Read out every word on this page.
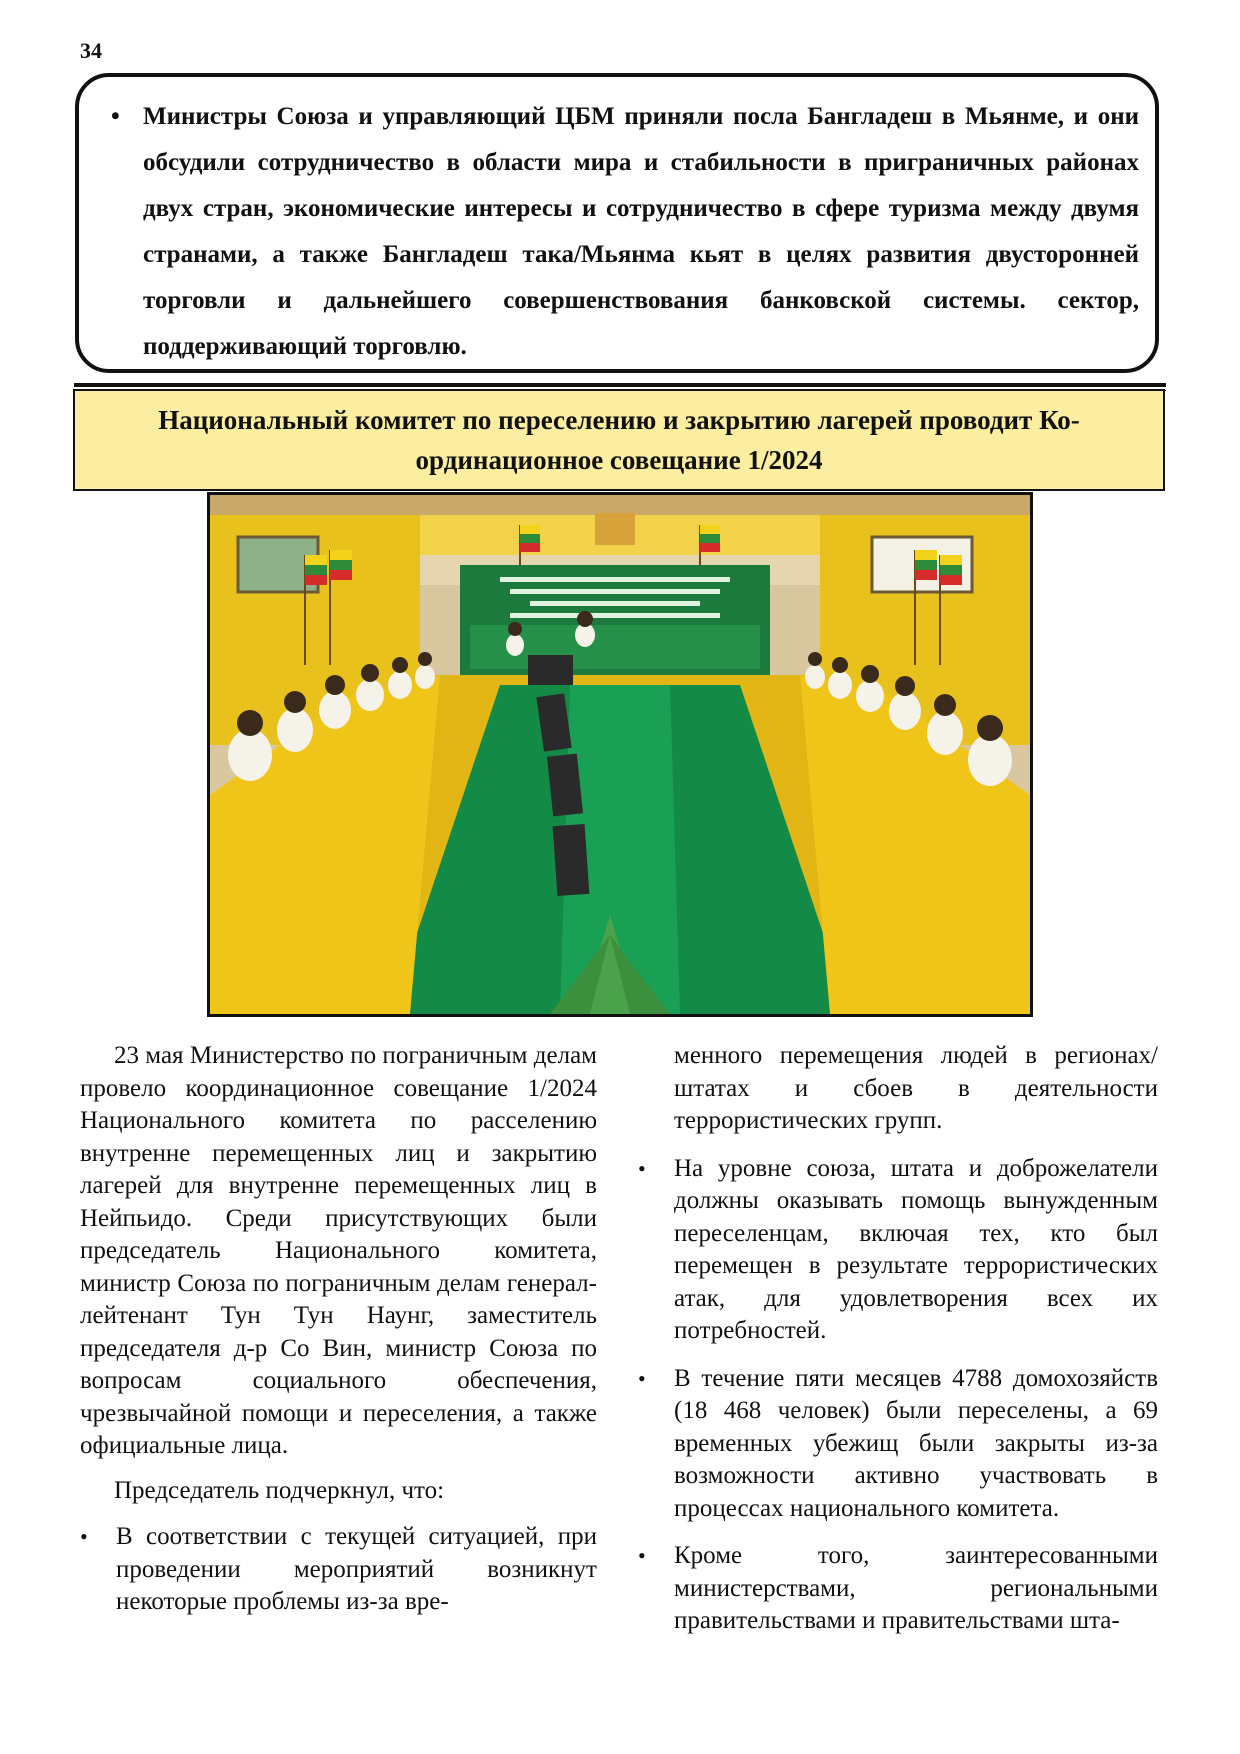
34
• Министры Союза и управляющий ЦБМ приняли посла Бангладеш в Мьянме, и они обсудили сотрудничество в области мира и стабильности в приграничных районах двух стран, экономические интересы и сотрудничество в сфере туризма между двумя странами, а также Бангладеш така/Мьянма кьят в целях развития двусторонней торговли и дальнейшего совершенствования банковской системы. сектор, поддерживающий торговлю.
Национальный комитет по переселению и закрытию лагерей проводит Ко-
ординационное совещание 1/2024

23 мая Министерство по пограничным делам провело координационное совещание 1/2024 Национального комитета по расселению внутренне перемещенных лиц и закрытию лагерей для внутренне перемещенных лиц в Нейпьидо. Среди присутствующих были председатель Национального комитета, министр Союза по пограничным делам генерал-лейтенант Тун Тун Наунг, заместитель председателя д-р Со Вин, министр Союза по вопросам социального обеспечения, чрезвычайной помощи и переселения, а также официальные лица.

Председатель подчеркнул, что:

• В соответствии с текущей ситуацией, при проведении мероприятий возникнут некоторые проблемы из-за вре-

менного перемещения людей в регионах/штатах и сбоев в деятельности террористических групп.

• На уровне союза, штата и доброжелатели должны оказывать помощь вынужденным переселенцам, включая тех, кто был перемещен в результате террористических атак, для удовлетворения всех их потребностей.
• В течение пяти месяцев 4788 домохозяйств (18 468 человек) были переселены, а 69 временных убежищ были закрыты из-за возможности активно участвовать в процессах национального комитета.
• Кроме того, заинтересованными министерствами, региональными правительствами и правительствами шта-
